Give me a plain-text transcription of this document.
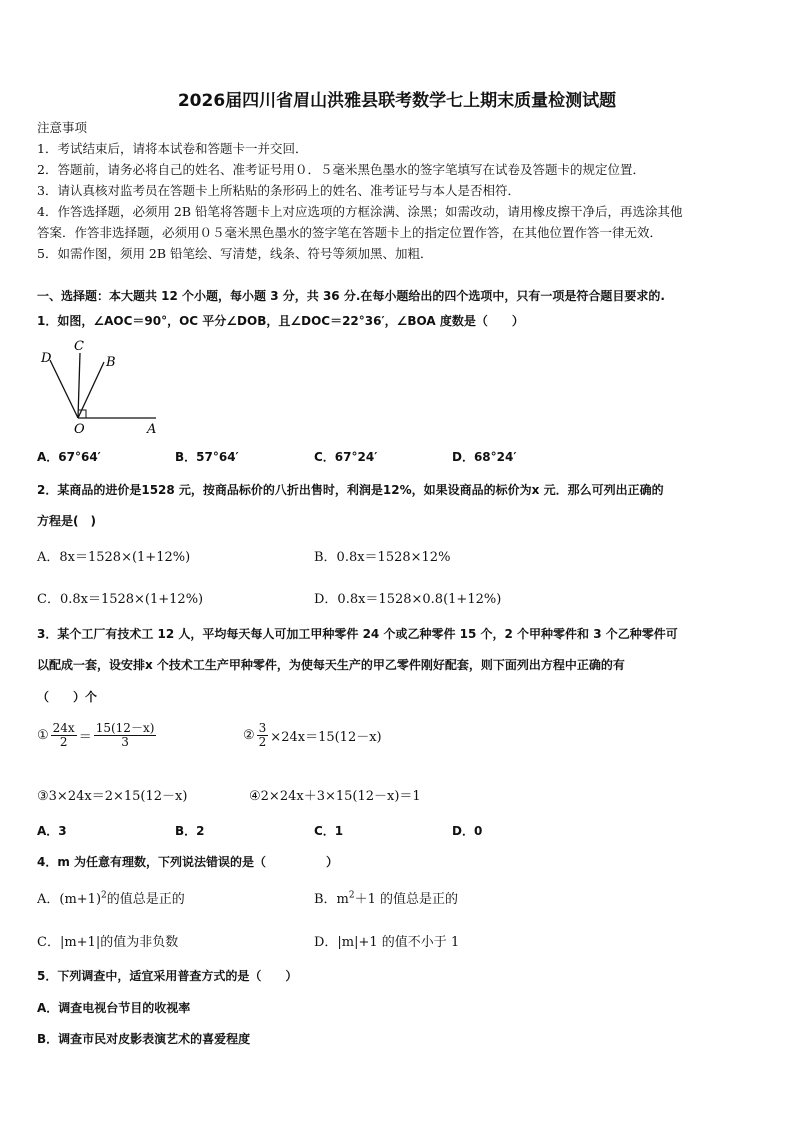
2026届四川省眉山洪雅县联考数学七上期末质量检测试题
注意事项
1．考试结束后，请将本试卷和答题卡一并交回．
2．答题前，请务必将自己的姓名、准考证号用０．５毫米黑色墨水的签字笔填写在试卷及答题卡的规定位置．
3．请认真核对监考员在答题卡上所粘贴的条形码上的姓名、准考证号与本人是否相符．
4．作答选择题，必须用 2B 铅笔将答题卡上对应选项的方框涂满、涂黑；如需改动，请用橡皮擦干净后，再选涂其他
答案．作答非选择题，必须用０５毫米黑色墨水的签字笔在答题卡上的指定位置作答，在其他位置作答一律无效．
5．如需作图，须用 2B 铅笔绘、写清楚，线条、符号等须加黑、加粗．
一、选择题：本大题共 12 个小题，每小题 3 分，共 36 分.在每小题给出的四个选项中，只有一项是符合题目要求的.
1．如图，∠AOC＝90°，OC 平分∠DOB，且∠DOC＝22°36′，∠BOA 度数是（　　）
D
C
B
O	A
A．67°64′	B．57°64′	C．67°24′	D．68°24′
2．某商品的进价是1528 元，按商品标价的八折出售时，利润是12%，如果设商品的标价为x 元．那么可列出正确的
方程是(　)
A．8x＝1528×(1+12%)	B．0.8x＝1528×12%
C．0.8x＝1528×(1+12%)	D．0.8x＝1528×0.8(1+12%)
3．某个工厂有技术工 12 人，平均每天每人可加工甲种零件 24 个或乙种零件 15 个，2 个甲种零件和 3 个乙种零件可
以配成一套，设安排x 个技术工生产甲种零件，为使每天生产的甲乙零件刚好配套，则下面列出方程中正确的有
（　　）个
① $\frac{24x}{2} = \frac{15(12-x)}{3}$	② $\frac{3}{2} \times 24x=15(12-x)$
③3×24x＝2×15(12－x)	④2×24x＋3×15(12－x)＝1
A．3	B．2	C．1	D．0
4．m 为任意有理数，下列说法错误的是（　　　　　）
A．$(m+1)^2$的值总是正的	B．$m^2+1$ 的值总是正的
C．|m+1|的值为非负数	D．|m|+1 的值不小于 1
5．下列调查中，适宜采用普查方式的是（　　）
A．调查电视台节目的收视率
B．调查市民对皮影表演艺术的喜爱程度
